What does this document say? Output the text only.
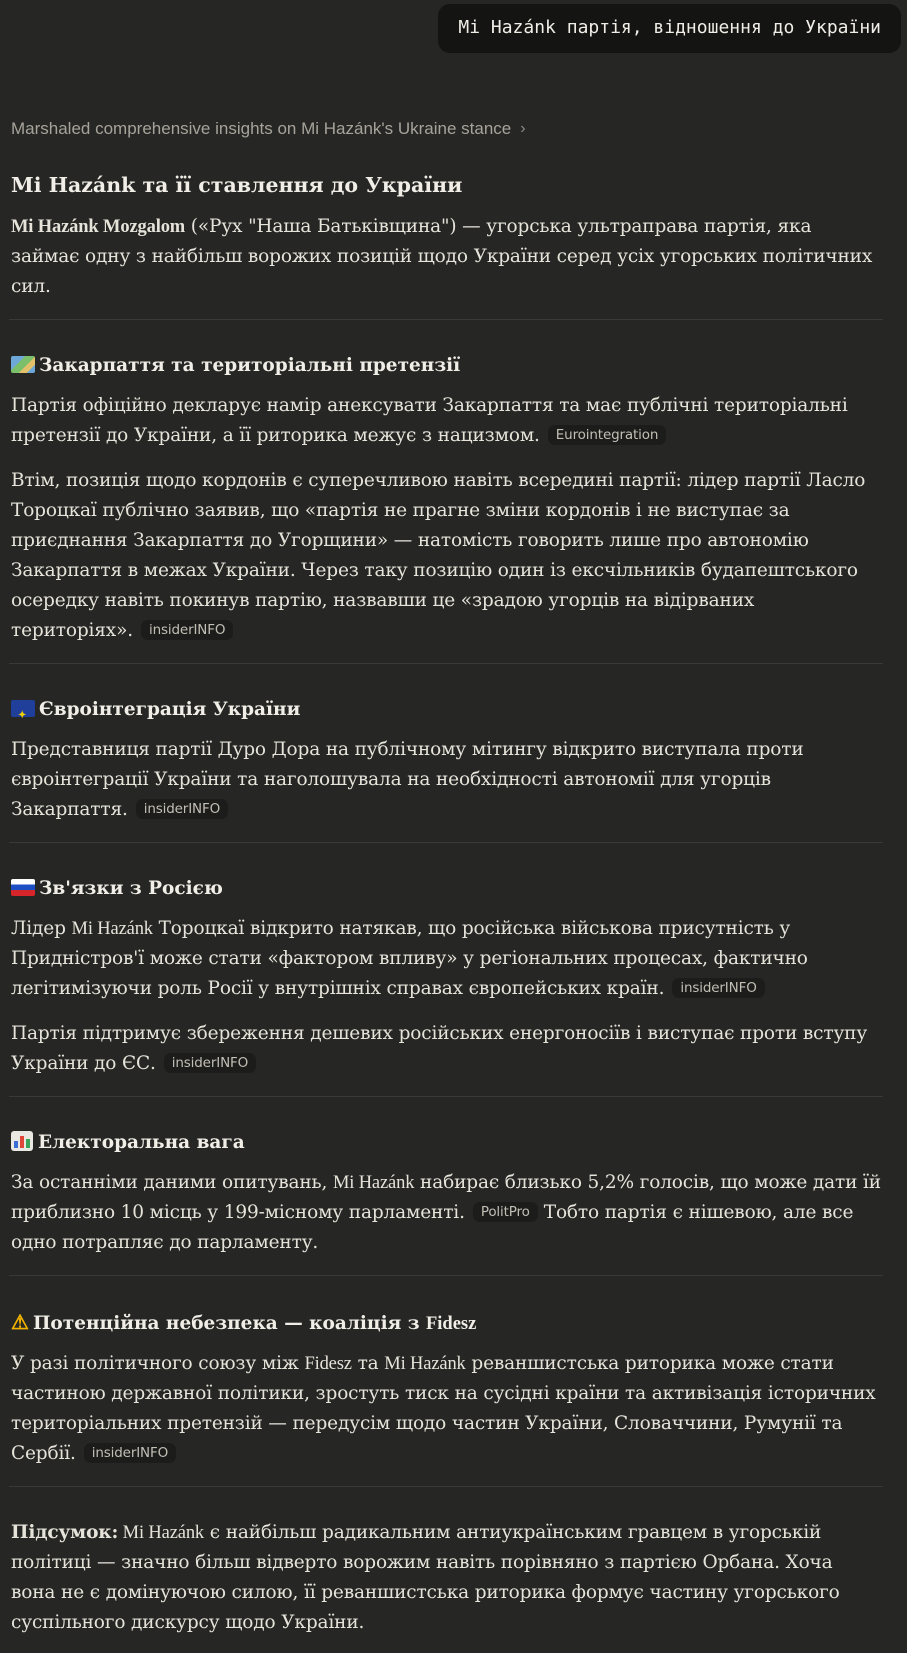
Mi Hazánk партія, відношення до України
Marshaled comprehensive insights on Mi Hazánk's Ukraine stance ›
Mi Hazánk та її ставлення до України

Mi Hazánk Mozgalom («Рух "Наша Батьківщина") — угорська ультраправа партія, яка займає одну з найбільш ворожих позицій щодо України серед усіх угорських політичних сил.

Закарпаття та територіальні претензії

Партія офіційно декларує намір анексувати Закарпаття та має публічні територіальні претензії до України, а її риторика межує з нацизмом. Eurointegration

Втім, позиція щодо кордонів є суперечливою навіть всередині партії: лідер партії Ласло Тороцкаї публічно заявив, що «партія не прагне зміни кордонів і не виступає за приєднання Закарпаття до Угорщини» — натомість говорить лише про автономію Закарпаття в межах України. Через таку позицію один із ексчільників будапештського осередку навіть покинув партію, назвавши це «зрадою угорців на відірваних територіях». insiderINFO

✦Євроінтеграція України

Представниця партії Дуро Дора на публічному мітингу відкрито виступала проти євроінтеграції України та наголошувала на необхідності автономії для угорців Закарпаття. insiderINFO

Зв'язки з Росією

Лідер Mi Hazánk Тороцкаї відкрито натякав, що російська військова присутність у Придністров'ї може стати «фактором впливу» у регіональних процесах, фактично легітимізуючи роль Росії у внутрішніх справах європейських країн. insiderINFO

Партія підтримує збереження дешевих російських енергоносіїв і виступає проти вступу України до ЄС. insiderINFO

Електоральна вага

За останніми даними опитувань, Mi Hazánk набирає близько 5,2% голосів, що може дати їй приблизно 10 місць у 199-місному парламенті. PolitPro Тобто партія є нішевою, але все одно потрапляє до парламенту.

⚠ Потенційна небезпека — коаліція з Fidesz

У разі політичного союзу між Fidesz та Mi Hazánk реваншистська риторика може стати частиною державної політики, зростуть тиск на сусідні країни та активізація історичних територіальних претензій — передусім щодо частин України, Словаччини, Румунії та Сербії. insiderINFO

Підсумок: Mi Hazánk є найбільш радикальним антиукраїнським гравцем в угорській політиці — значно більш відверто ворожим навіть порівняно з партією Орбана. Хоча вона не є домінуючою силою, її реваншистська риторика формує частину угорського суспільного дискурсу щодо України.
